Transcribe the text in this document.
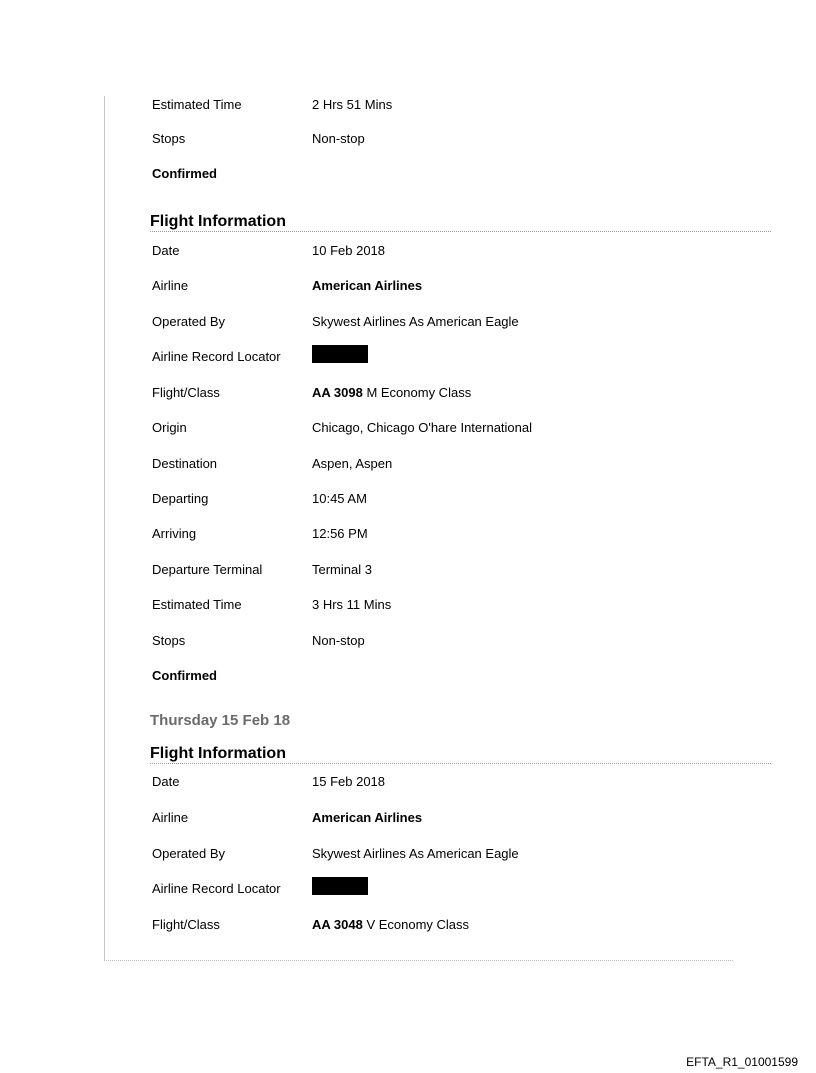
Estimated Time	2 Hrs 51 Mins
Stops	Non-stop
Confirmed
Flight Information
Date	10 Feb 2018
Airline	American Airlines
Operated By	Skywest Airlines As American Eagle
Airline Record Locator
Flight/Class	AA 3098 M Economy Class
Origin	Chicago, Chicago O'hare International
Destination	Aspen, Aspen
Departing	10:45 AM
Arriving	12:56 PM
Departure Terminal	Terminal 3
Estimated Time	3 Hrs 11 Mins
Stops	Non-stop
Confirmed
Thursday 15 Feb 18
Flight Information
Date	15 Feb 2018
Airline	American Airlines
Operated By	Skywest Airlines As American Eagle
Airline Record Locator
Flight/Class	AA 3048 V Economy Class
EFTA_R1_01001599
